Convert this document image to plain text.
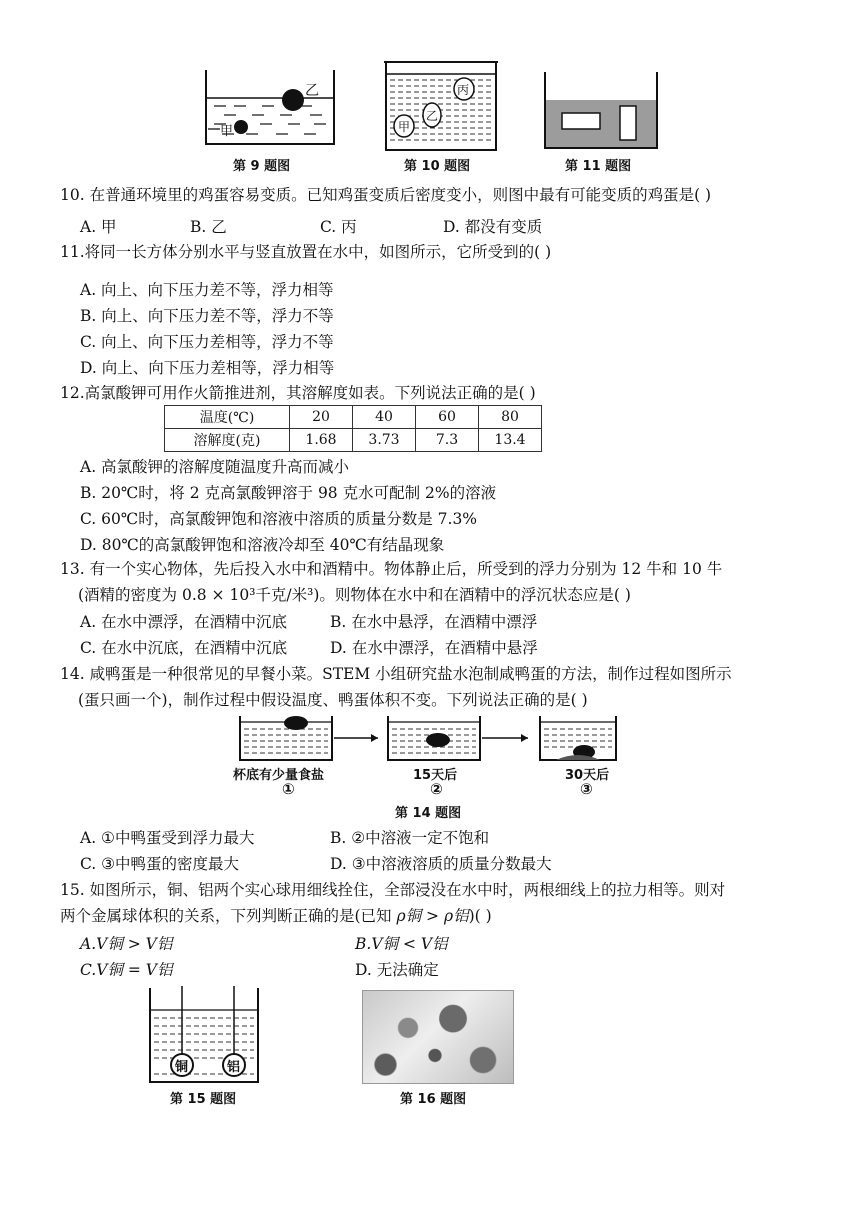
乙
甲
第 9 题图
丙
乙
甲
第 10 题图	第 11 题图
10. 在普通环境里的鸡蛋容易变质。已知鸡蛋变质后密度变小，则图中最有可能变质的鸡蛋是( )
A. 甲	B. 乙	C. 丙	D. 都没有变质
11.将同一长方体分别水平与竖直放置在水中，如图所示，它所受到的( )
A. 向上、向下压力差不等，浮力相等
B. 向上、向下压力差不等，浮力不等
C. 向上、向下压力差相等，浮力不等
D. 向上、向下压力差相等，浮力相等
12.高氯酸钾可用作火箭推进剂，其溶解度如表。下列说法正确的是( )
温度(℃)	20	40	60	80
溶解度(克)	1.68	3.73	7.3	13.4
A. 高氯酸钾的溶解度随温度升高而减小
B. 20℃时，将 2 克高氯酸钾溶于 98 克水可配制 2%的溶液
C. 60℃时，高氯酸钾饱和溶液中溶质的质量分数是 7.3%
D. 80℃的高氯酸钾饱和溶液冷却至 40℃有结晶现象
13. 有一个实心物体，先后投入水中和酒精中。物体静止后，所受到的浮力分别为 12 牛和 10 牛
(酒精的密度为 0.8 × 10³千克/米³)。则物体在水中和在酒精中的浮沉状态应是( )
A. 在水中漂浮，在酒精中沉底	B. 在水中悬浮，在酒精中漂浮
C. 在水中沉底，在酒精中沉底	D. 在水中漂浮，在酒精中悬浮
14. 咸鸭蛋是一种很常见的早餐小菜。STEM 小组研究盐水泡制咸鸭蛋的方法，制作过程如图所示
(蛋只画一个)，制作过程中假设温度、鸭蛋体积不变。下列说法正确的是( )
杯底有少量食盐
①
15天后
②
30天后
③
第 14 题图
A. ①中鸭蛋受到浮力最大	B. ②中溶液一定不饱和
C. ③中鸭蛋的密度最大	D. ③中溶液溶质的质量分数最大
15. 如图所示，铜、铝两个实心球用细线拴住，全部浸没在水中时，两根细线上的拉力相等。则对
两个金属球体积的关系，下列判断正确的是(已知 ρ铜 > ρ铝)( )
A.V铜 > V铝	B.V铜 < V铝
C.V铜 = V铝	D. 无法确定
铜	铝
第 15 题图	第 16 题图
